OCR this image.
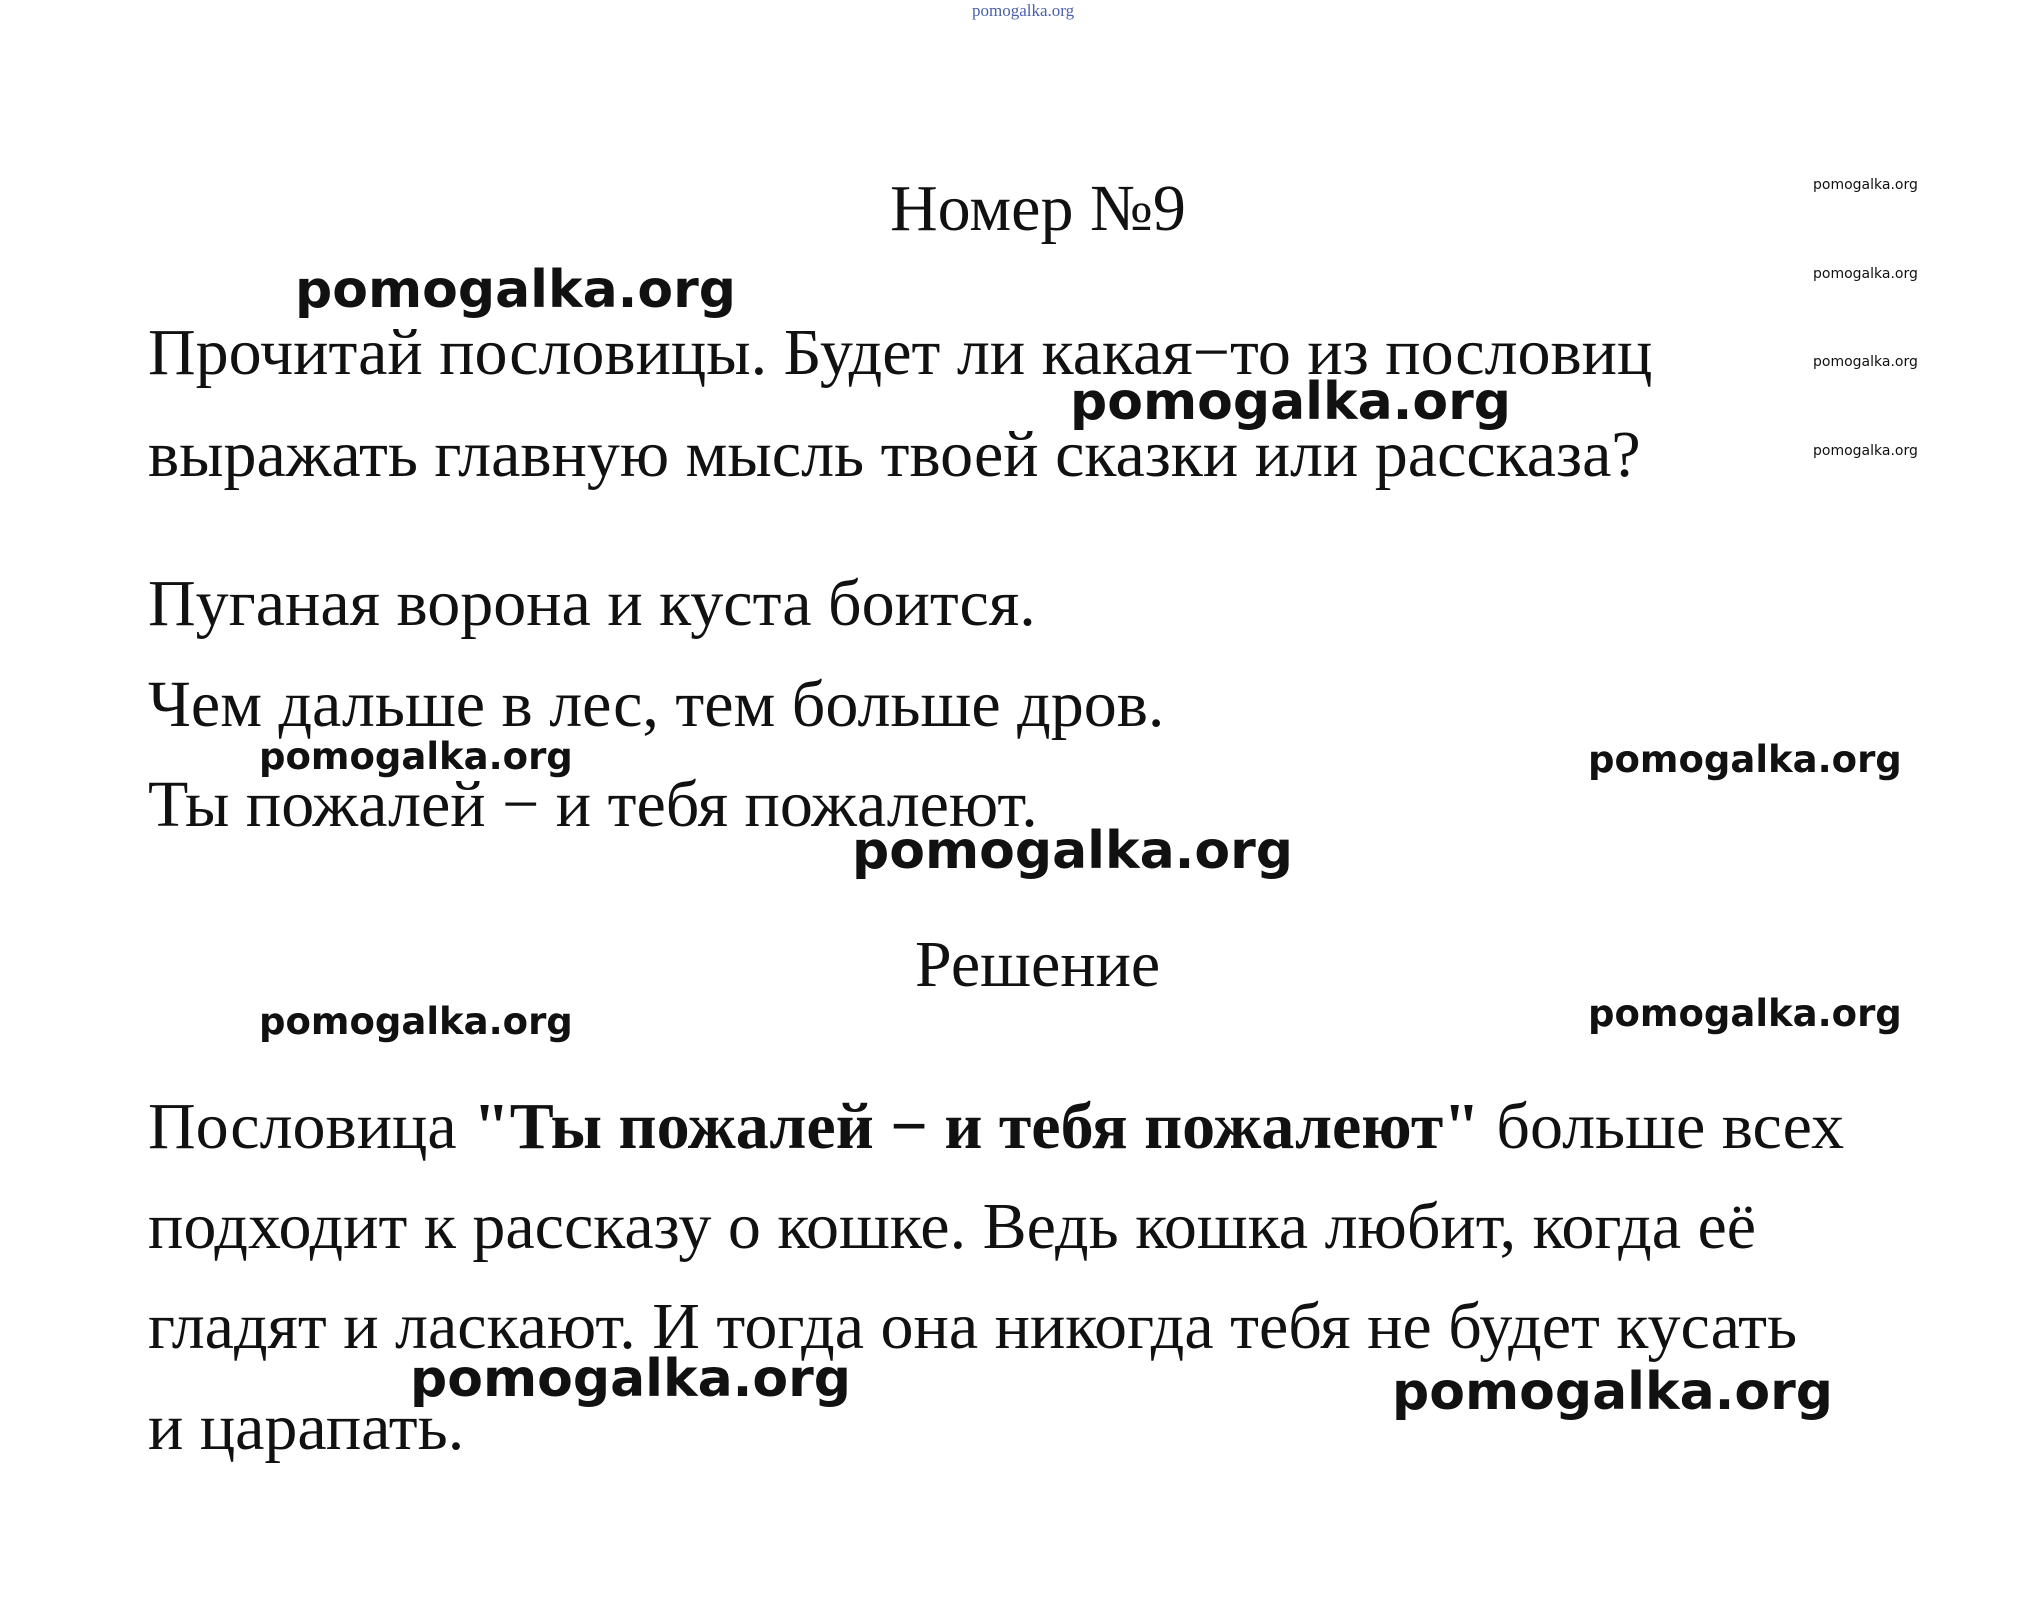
pomogalka.org
pomogalka.org
pomogalka.org
pomogalka.org
pomogalka.org
Номер №9
Прочитай пословицы. Будет ли какая−то из пословиц
выражать главную мысль твоей сказки или рассказа?
Пуганая ворона и куста боится.
Чем дальше в лес, тем больше дров.
Ты пожалей − и тебя пожалеют.
Решение
Пословица "Ты пожалей − и тебя пожалеют" больше всех
подходит к рассказу о кошке. Ведь кошка любит, когда её
гладят и ласкают. И тогда она никогда тебя не будет кусать
и царапать.
pomogalka.org
pomogalka.org
pomogalka.org	pomogalka.org
pomogalka.org
pomogalka.org	pomogalka.org
pomogalka.org	pomogalka.org
